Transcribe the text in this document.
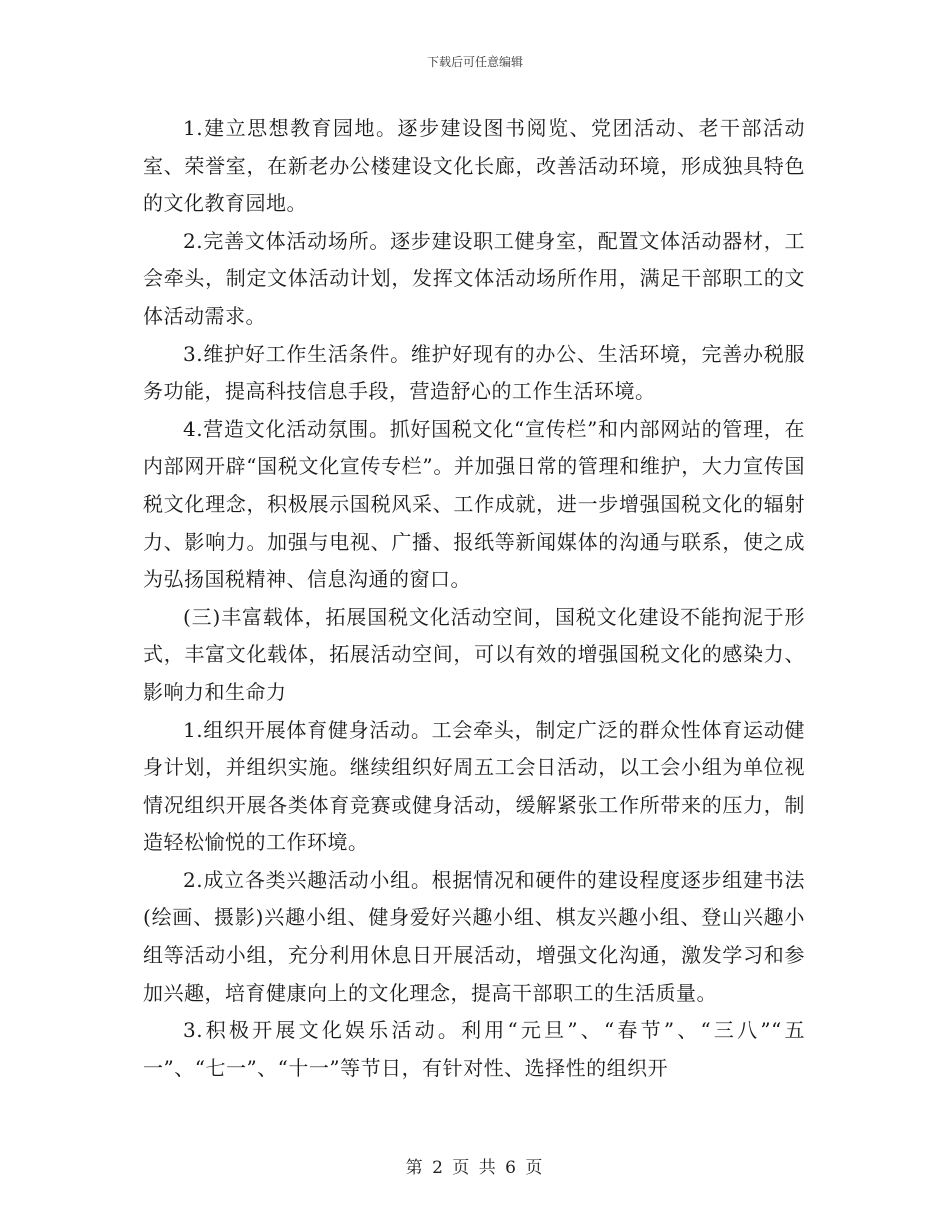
下载后可任意编辑

1.建立思想教育园地。逐步建设图书阅览、党团活动、老干部活动室、荣誉室，在新老办公楼建设文化长廊，改善活动环境，形成独具特色的文化教育园地。

2.完善文体活动场所。逐步建设职工健身室，配置文体活动器材，工会牵头，制定文体活动计划，发挥文体活动场所作用，满足干部职工的文体活动需求。

3.维护好工作生活条件。维护好现有的办公、生活环境，完善办税服务功能，提高科技信息手段，营造舒心的工作生活环境。

4.营造文化活动氛围。抓好国税文化“宣传栏”和内部网站的管理，在内部网开辟“国税文化宣传专栏”。并加强日常的管理和维护，大力宣传国税文化理念，积极展示国税风采、工作成就，进一步增强国税文化的辐射力、影响力。加强与电视、广播、报纸等新闻媒体的沟通与联系，使之成为弘扬国税精神、信息沟通的窗口。

(三)丰富载体，拓展国税文化活动空间，国税文化建设不能拘泥于形式，丰富文化载体，拓展活动空间，可以有效的增强国税文化的感染力、影响力和生命力

1.组织开展体育健身活动。工会牵头，制定广泛的群众性体育运动健身计划，并组织实施。继续组织好周五工会日活动，以工会小组为单位视情况组织开展各类体育竞赛或健身活动，缓解紧张工作所带来的压力，制造轻松愉悦的工作环境。

2.成立各类兴趣活动小组。根据情况和硬件的建设程度逐步组建书法(绘画、摄影)兴趣小组、健身爱好兴趣小组、棋友兴趣小组、登山兴趣小组等活动小组，充分利用休息日开展活动，增强文化沟通，激发学习和参加兴趣，培育健康向上的文化理念，提高干部职工的生活质量。

3.积极开展文化娱乐活动。利用“元旦”、“春节”、“三八”“五一”、“七一”、“十一”等节日，有针对性、选择性的组织开

第 2 页 共 6 页
